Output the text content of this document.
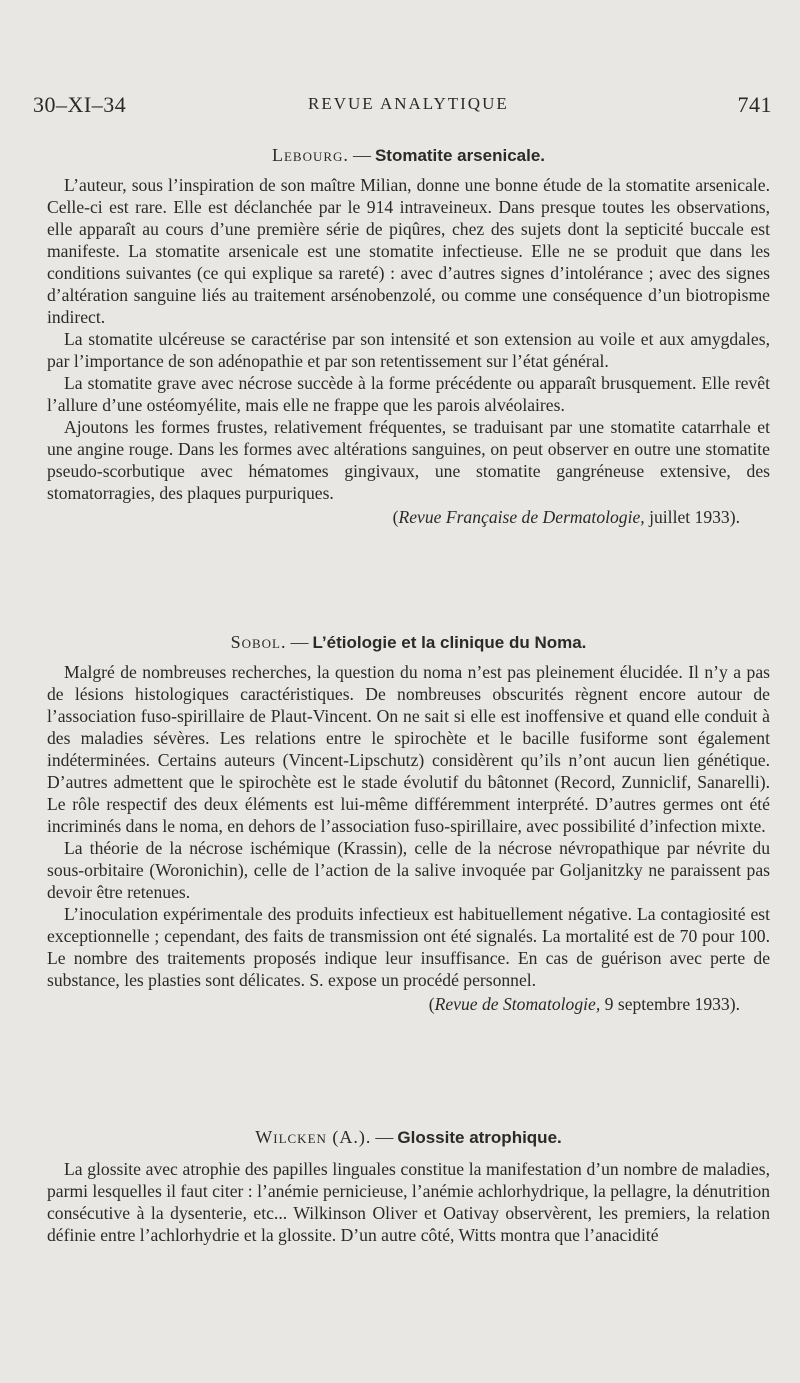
30–XI–34	REVUE ANALYTIQUE	741

Lebourg. — Stomatite arsenicale.

L’auteur, sous l’inspiration de son maître Milian, donne une bonne étude de la stomatite arsenicale. Celle-ci est rare. Elle est déclanchée par le 914 intraveineux. Dans presque toutes les observations, elle apparaît au cours d’une première série de piqûres, chez des sujets dont la septicité buccale est manifeste. La stomatite arsenicale est une stomatite infectieuse. Elle ne se produit que dans les conditions suivantes (ce qui explique sa rareté) : avec d’autres signes d’intolérance ; avec des signes d’altération sanguine liés au traitement arsénobenzolé, ou comme une conséquence d’un biotropisme indirect.

La stomatite ulcéreuse se caractérise par son intensité et son extension au voile et aux amygdales, par l’importance de son adénopathie et par son retentissement sur l’état général.

La stomatite grave avec nécrose succède à la forme précédente ou apparaît brusquement. Elle revêt l’allure d’une ostéomyélite, mais elle ne frappe que les parois alvéolaires.

Ajoutons les formes frustes, relativement fréquentes, se traduisant par une stomatite catarrhale et une angine rouge. Dans les formes avec altérations sanguines, on peut observer en outre une stomatite pseudo-scorbutique avec hématomes gingivaux, une stomatite gangréneuse extensive, des stomatorragies, des plaques purpuriques.

(Revue Française de Dermatologie, juillet 1933).

Sobol. — L’étiologie et la clinique du Noma.

Malgré de nombreuses recherches, la question du noma n’est pas pleinement élucidée. Il n’y a pas de lésions histologiques caractéristiques. De nombreuses obscurités règnent encore autour de l’association fuso-spirillaire de Plaut-Vincent. On ne sait si elle est inoffensive et quand elle conduit à des maladies sévères. Les relations entre le spirochète et le bacille fusiforme sont également indéterminées. Certains auteurs (Vincent-Lipschutz) considèrent qu’ils n’ont aucun lien génétique. D’autres admettent que le spirochète est le stade évolutif du bâtonnet (Record, Zunniclif, Sanarelli). Le rôle respectif des deux éléments est lui-même différemment interprété. D’autres germes ont été incriminés dans le noma, en dehors de l’association fuso-spirillaire, avec possibilité d’infection mixte.

La théorie de la nécrose ischémique (Krassin), celle de la nécrose névropathique par névrite du sous-orbitaire (Woronichin), celle de l’action de la salive invoquée par Goljanitzky ne paraissent pas devoir être retenues.

L’inoculation expérimentale des produits infectieux est habituellement négative. La contagiosité est exceptionnelle ; cependant, des faits de transmission ont été signalés. La mortalité est de 70 pour 100. Le nombre des traitements proposés indique leur insuffisance. En cas de guérison avec perte de substance, les plasties sont délicates. S. expose un procédé personnel.

(Revue de Stomatologie, 9 septembre 1933).

Wilcken (A.). — Glossite atrophique.

La glossite avec atrophie des papilles linguales constitue la manifestation d’un nombre de maladies, parmi lesquelles il faut citer : l’anémie pernicieuse, l’anémie achlorhydrique, la pellagre, la dénutrition consécutive à la dysenterie, etc... Wilkinson Oliver et Oativay observèrent, les premiers, la relation définie entre l’achlorhydrie et la glossite. D’un autre côté, Witts montra que l’anacidité
